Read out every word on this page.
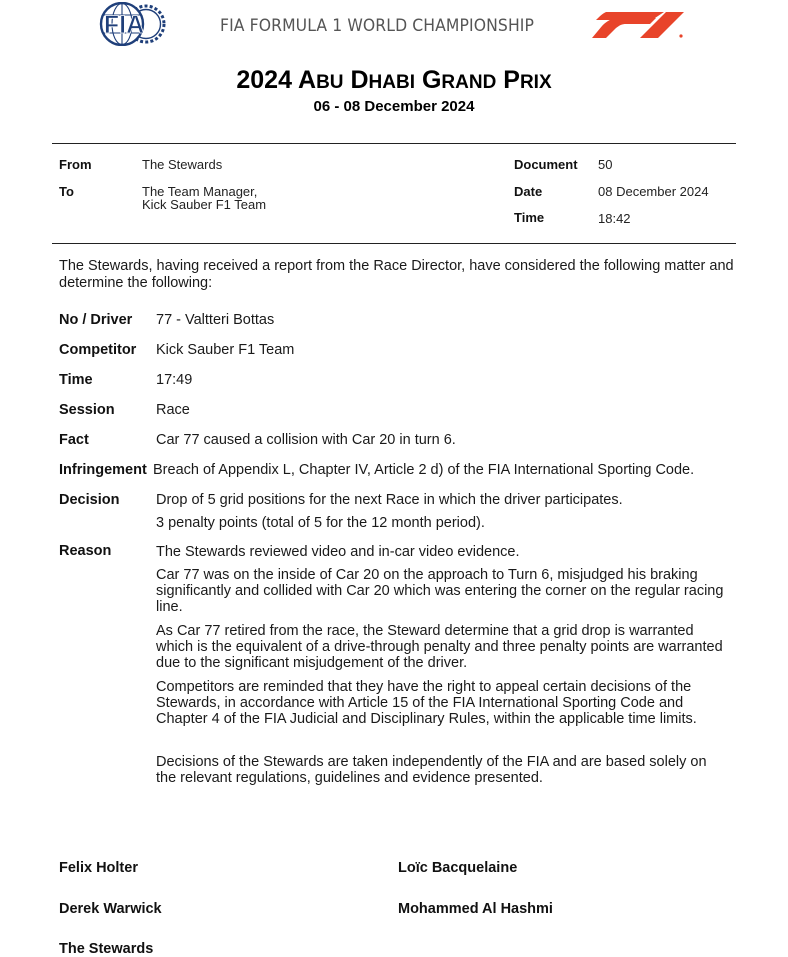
FIA	FIA FORMULA 1 WORLD CHAMPIONSHIP
2024 ABU DHABI GRAND PRIX
06 - 08 December 2024
From	The Stewards
To	The Team Manager,
Kick Sauber F1 Team
Document 50
Date	08 December 2024
Time	18:42
The Stewards, having received a report from the Race Director, have considered the following matter and determine the following:
No / Driver 77 - Valtteri Bottas
Competitor Kick Sauber F1 Team
Time	17:49
Session	Race
Fact	Car 77 caused a collision with Car 20 in turn 6.
Infringement Breach of Appendix L, Chapter IV, Article 2 d) of the FIA International Sporting Code.
Decision	Drop of 5 grid positions for the next Race in which the driver participates.
3 penalty points (total of 5 for the 12 month period).
Reason	The Stewards reviewed video and in-car video evidence.
Car 77 was on the inside of Car 20 on the approach to Turn 6, misjudged his braking significantly and collided with Car 20 which was entering the corner on the regular racing line.
As Car 77 retired from the race, the Steward determine that a grid drop is warranted which is the equivalent of a drive-through penalty and three penalty points are warranted due to the significant misjudgement of the driver.
Competitors are reminded that they have the right to appeal certain decisions of the Stewards, in accordance with Article 15 of the FIA International Sporting Code and Chapter 4 of the FIA Judicial and Disciplinary Rules, within the applicable time limits.
Decisions of the Stewards are taken independently of the FIA and are based solely on the relevant regulations, guidelines and evidence presented.
Felix Holter	Loïc Bacquelaine
Derek Warwick	Mohammed Al Hashmi
The Stewards
